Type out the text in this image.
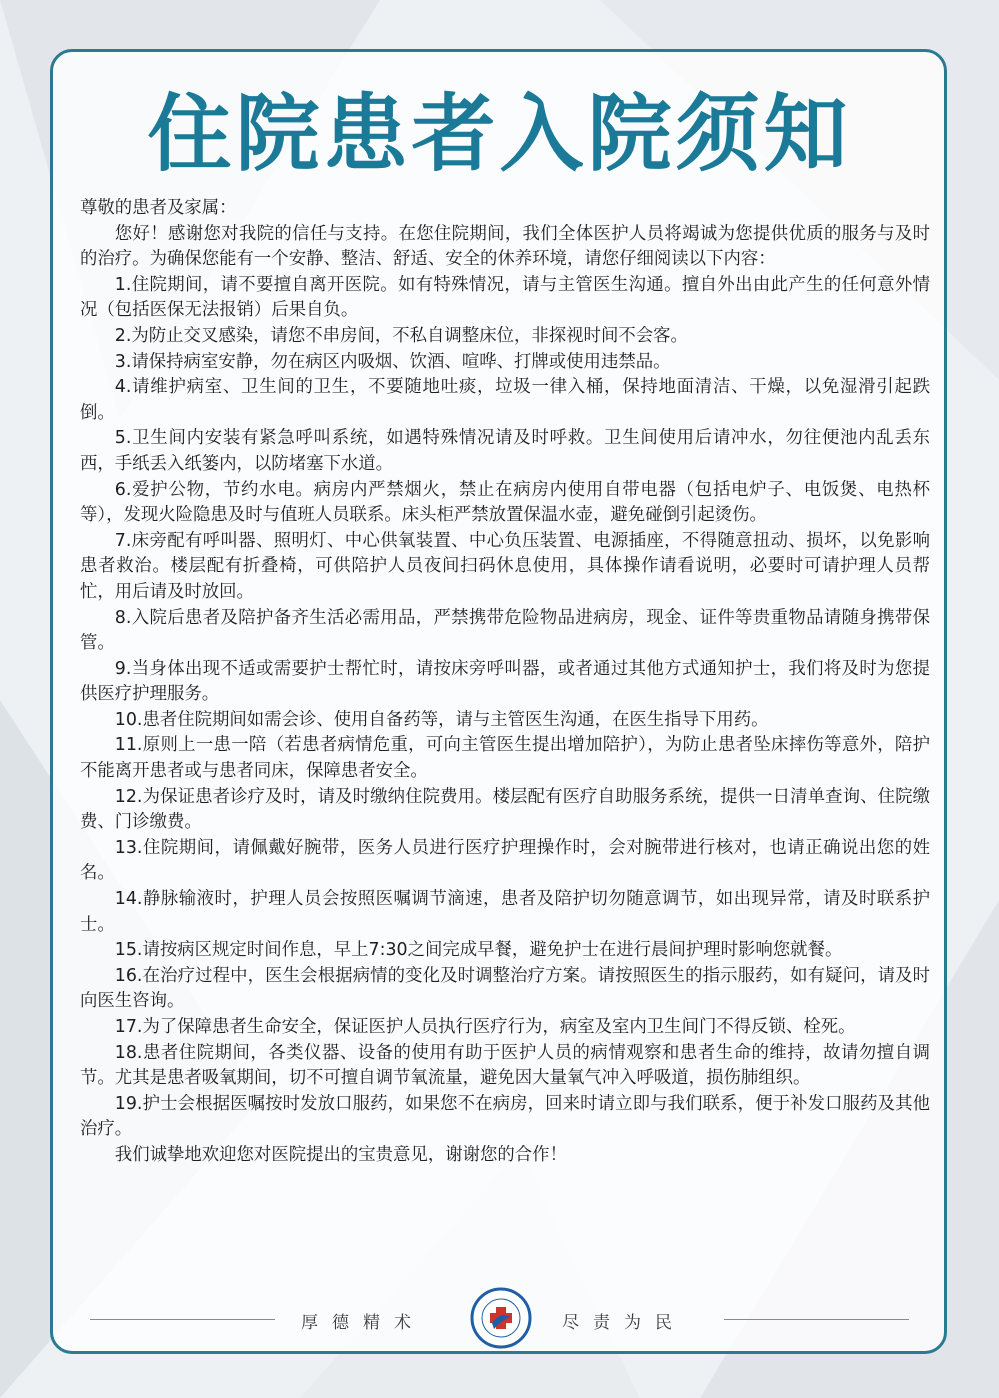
住院患者入院须知

尊敬的患者及家属：

您好！感谢您对我院的信任与支持。在您住院期间，我们全体医护人员将竭诚为您提供优质的服务与及时的治疗。为确保您能有一个安静、整洁、舒适、安全的休养环境，请您仔细阅读以下内容：

1.住院期间，请不要擅自离开医院。如有特殊情况，请与主管医生沟通。擅自外出由此产生的任何意外情况（包括医保无法报销）后果自负。

2.为防止交叉感染，请您不串房间，不私自调整床位，非探视时间不会客。

3.请保持病室安静，勿在病区内吸烟、饮酒、喧哗、打牌或使用违禁品。

4.请维护病室、卫生间的卫生，不要随地吐痰，垃圾一律入桶，保持地面清洁、干燥，以免湿滑引起跌倒。

5.卫生间内安装有紧急呼叫系统，如遇特殊情况请及时呼救。卫生间使用后请冲水，勿往便池内乱丢东西，手纸丢入纸篓内，以防堵塞下水道。

6.爱护公物，节约水电。病房内严禁烟火，禁止在病房内使用自带电器（包括电炉子、电饭煲、电热杯等），发现火险隐患及时与值班人员联系。床头柜严禁放置保温水壶，避免碰倒引起烫伤。

7.床旁配有呼叫器、照明灯、中心供氧装置、中心负压装置、电源插座，不得随意扭动、损坏，以免影响患者救治。楼层配有折叠椅，可供陪护人员夜间扫码休息使用，具体操作请看说明，必要时可请护理人员帮忙，用后请及时放回。

8.入院后患者及陪护备齐生活必需用品，严禁携带危险物品进病房，现金、证件等贵重物品请随身携带保管。

9.当身体出现不适或需要护士帮忙时，请按床旁呼叫器，或者通过其他方式通知护士，我们将及时为您提供医疗护理服务。

10.患者住院期间如需会诊、使用自备药等，请与主管医生沟通，在医生指导下用药。

11.原则上一患一陪（若患者病情危重，可向主管医生提出增加陪护），为防止患者坠床摔伤等意外，陪护不能离开患者或与患者同床，保障患者安全。

12.为保证患者诊疗及时，请及时缴纳住院费用。楼层配有医疗自助服务系统，提供一日清单查询、住院缴费、门诊缴费。

13.住院期间，请佩戴好腕带，医务人员进行医疗护理操作时，会对腕带进行核对，也请正确说出您的姓名。

14.静脉输液时，护理人员会按照医嘱调节滴速，患者及陪护切勿随意调节，如出现异常，请及时联系护士。

15.请按病区规定时间作息，早上7:30之间完成早餐，避免护士在进行晨间护理时影响您就餐。

16.在治疗过程中，医生会根据病情的变化及时调整治疗方案。请按照医生的指示服药，如有疑问，请及时向医生咨询。

17.为了保障患者生命安全，保证医护人员执行医疗行为，病室及室内卫生间门不得反锁、栓死。

18.患者住院期间，各类仪器、设备的使用有助于医护人员的病情观察和患者生命的维持，故请勿擅自调节。尤其是患者吸氧期间，切不可擅自调节氧流量，避免因大量氧气冲入呼吸道，损伤肺组织。

19.护士会根据医嘱按时发放口服药，如果您不在病房，回来时请立即与我们联系，便于补发口服药及其他治疗。

我们诚挚地欢迎您对医院提出的宝贵意见，谢谢您的合作！

厚德精术	尽责为民
